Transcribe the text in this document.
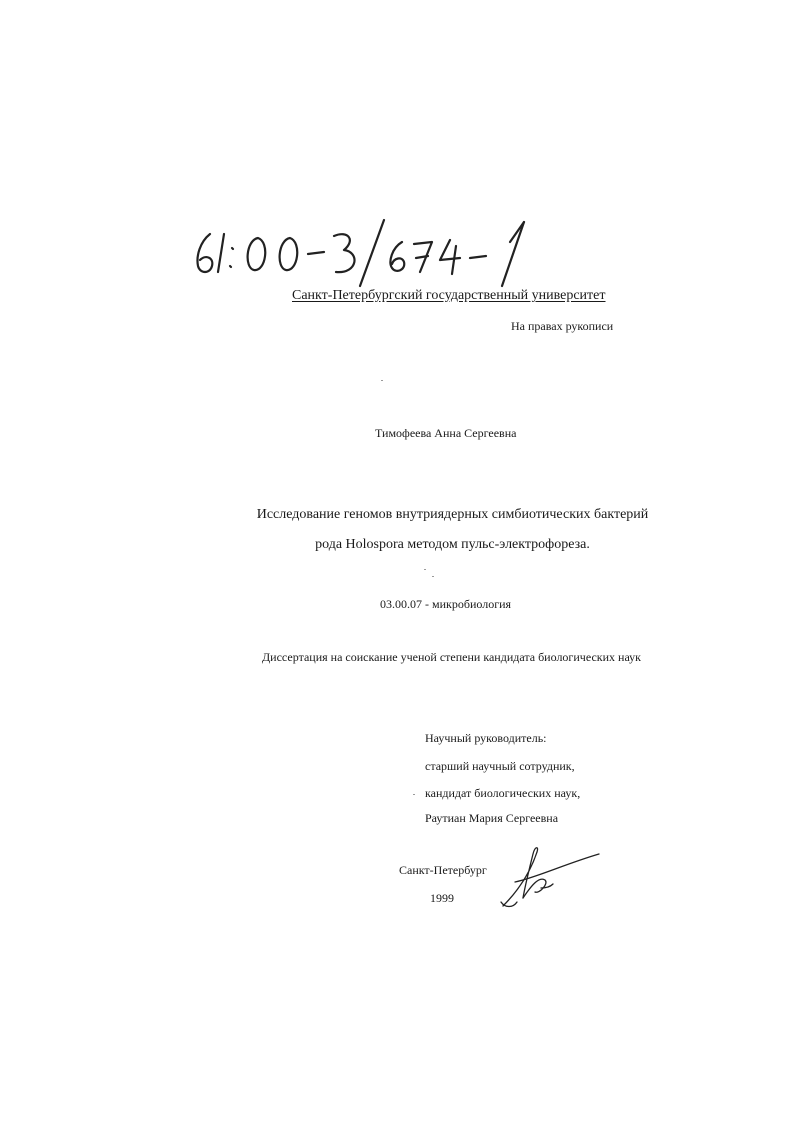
Санкт-Петербургский государственный университет
На правах рукописи
Тимофеева Анна Сергеевна
Исследование геномов внутриядерных симбиотических бактерий
рода Holospora методом пульс-электрофореза.
03.00.07 - микробиология
Диссертация на соискание ученой степени кандидата биологических наук
Научный руководитель:
старший научный сотрудник,
кандидат биологических наук,
Раутиан Мария Сергеевна
Санкт-Петербург
1999
